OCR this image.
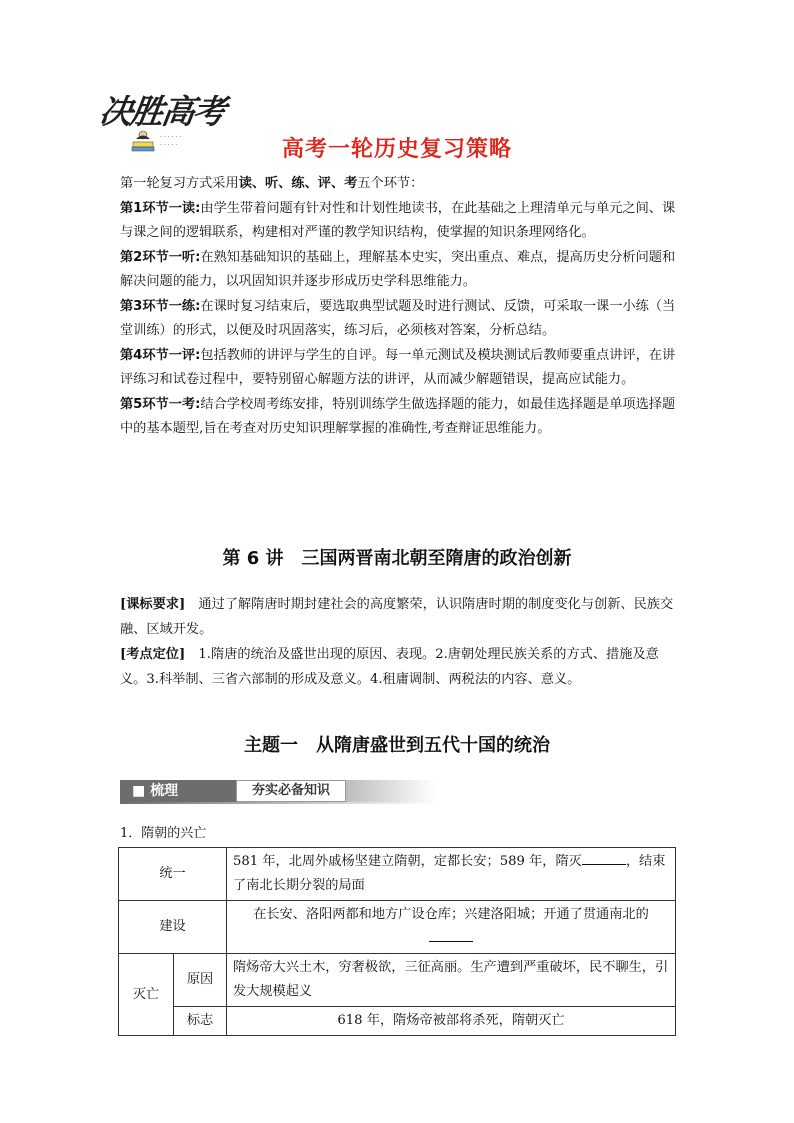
决胜高考
· · · · · ·
· · · · ·	高考一轮历史复习策略

第一轮复习方式采用读、听、练、评、考五个环节：

第1环节一读:由学生带着问题有针对性和计划性地读书，在此基础之上理清单元与单元之间、课与课之间的逻辑联系，构建相对严谨的教学知识结构，使掌握的知识条理网络化。

第2环节一听:在熟知基础知识的基础上，理解基本史实，突出重点、难点，提高历史分析问题和解决问题的能力，以巩固知识并逐步形成历史学科思维能力。

第3环节一练:在课时复习结束后，要选取典型试题及时进行测试、反馈，可采取一课一小练（当堂训练）的形式，以便及时巩固落实，练习后，必须核对答案，分析总结。

第4环节一评:包括教师的讲评与学生的自评。每一单元测试及模块测试后教师要重点讲评，在讲评练习和试卷过程中，要特别留心解题方法的讲评，从而减少解题错误，提高应试能力。

第5环节一考:结合学校周考练安排，特别训练学生做选择题的能力，如最佳选择题是单项选择题中的基本题型,旨在考查对历史知识理解掌握的准确性,考查辩证思维能力。

第 6 讲　三国两晋南北朝至隋唐的政治创新

[课标要求]　 通过了解隋唐时期封建社会的高度繁荣，认识隋唐时期的制度变化与创新、民族交融、区域开发。

[考点定位]　 1.隋唐的统治及盛世出现的原因、表现。2.唐朝处理民族关系的方式、措施及意义。3.科举制、三省六部制的形成及意义。4.租庸调制、两税法的内容、意义。

主题一　从隋唐盛世到五代十国的统治
■ 梳理	夯实必备知识
1．隋朝的兴亡
统一		581 年，北周外戚杨坚建立隋朝，定都长安；589 年，隋灭 ，结束了南北长期分裂的局面
建设		在长安、洛阳两都和地方广设仓库；兴建洛阳城；开通了贯通南北的
灭亡	原因	隋炀帝大兴土木，穷奢极欲，三征高丽。生产遭到严重破坏，民不聊生，引发大规模起义
	标志	618 年，隋炀帝被部将杀死，隋朝灭亡
